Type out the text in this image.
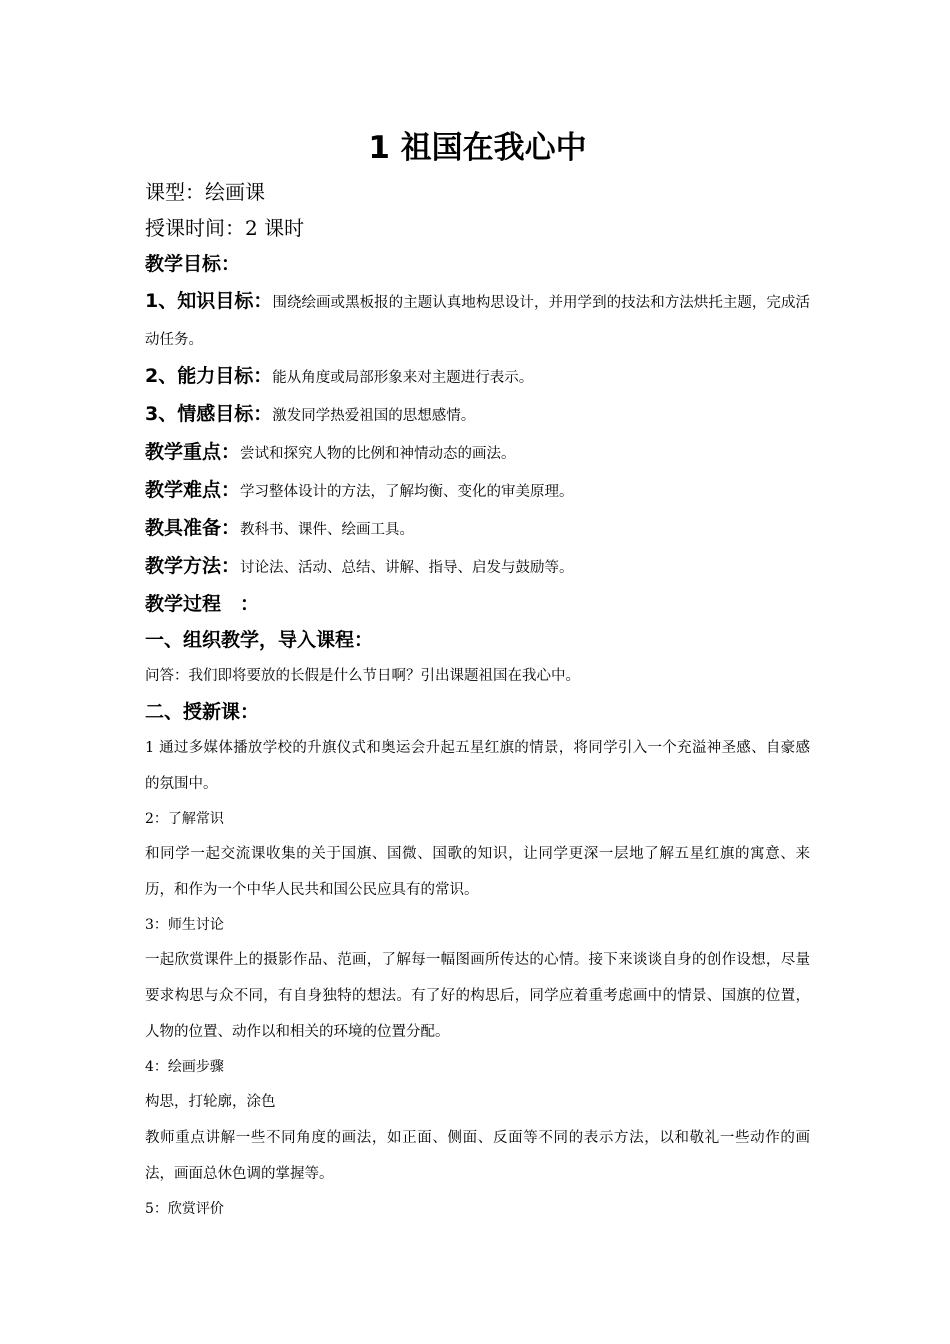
1 祖国在我心中

课型：绘画课

授课时间：2 课时

教学目标：

1、知识目标：围绕绘画或黑板报的主题认真地构思设计，并用学到的技法和方法烘托主题，完成活动任务。

2、能力目标：能从角度或局部形象来对主题进行表示。

3、情感目标：激发同学热爱祖国的思想感情。

教学重点：尝试和探究人物的比例和神情动态的画法。

教学难点：学习整体设计的方法，了解均衡、变化的审美原理。

教具准备：教科书、课件、绘画工具。

教学方法：讨论法、活动、总结、讲解、指导、启发与鼓励等。

教学过程　：

一、组织教学，导入课程：

问答：我们即将要放的长假是什么节日啊？引出课题祖国在我心中。

二、授新课：

1 通过多媒体播放学校的升旗仪式和奥运会升起五星红旗的情景，将同学引入一个充溢神圣感、自豪感的氛围中。

2：了解常识

和同学一起交流课收集的关于国旗、国微、国歌的知识，让同学更深一层地了解五星红旗的寓意、来历，和作为一个中华人民共和国公民应具有的常识。

3：师生讨论

一起欣赏课件上的摄影作品、范画，了解每一幅图画所传达的心情。接下来谈谈自身的创作设想，尽量要求构思与众不同，有自身独特的想法。有了好的构思后，同学应着重考虑画中的情景、国旗的位置，人物的位置、动作以和相关的环境的位置分配。

4：绘画步骤

构思，打轮廓，涂色

教师重点讲解一些不同角度的画法，如正面、侧面、反面等不同的表示方法，以和敬礼一些动作的画法，画面总休色调的掌握等。

5：欣赏评价
